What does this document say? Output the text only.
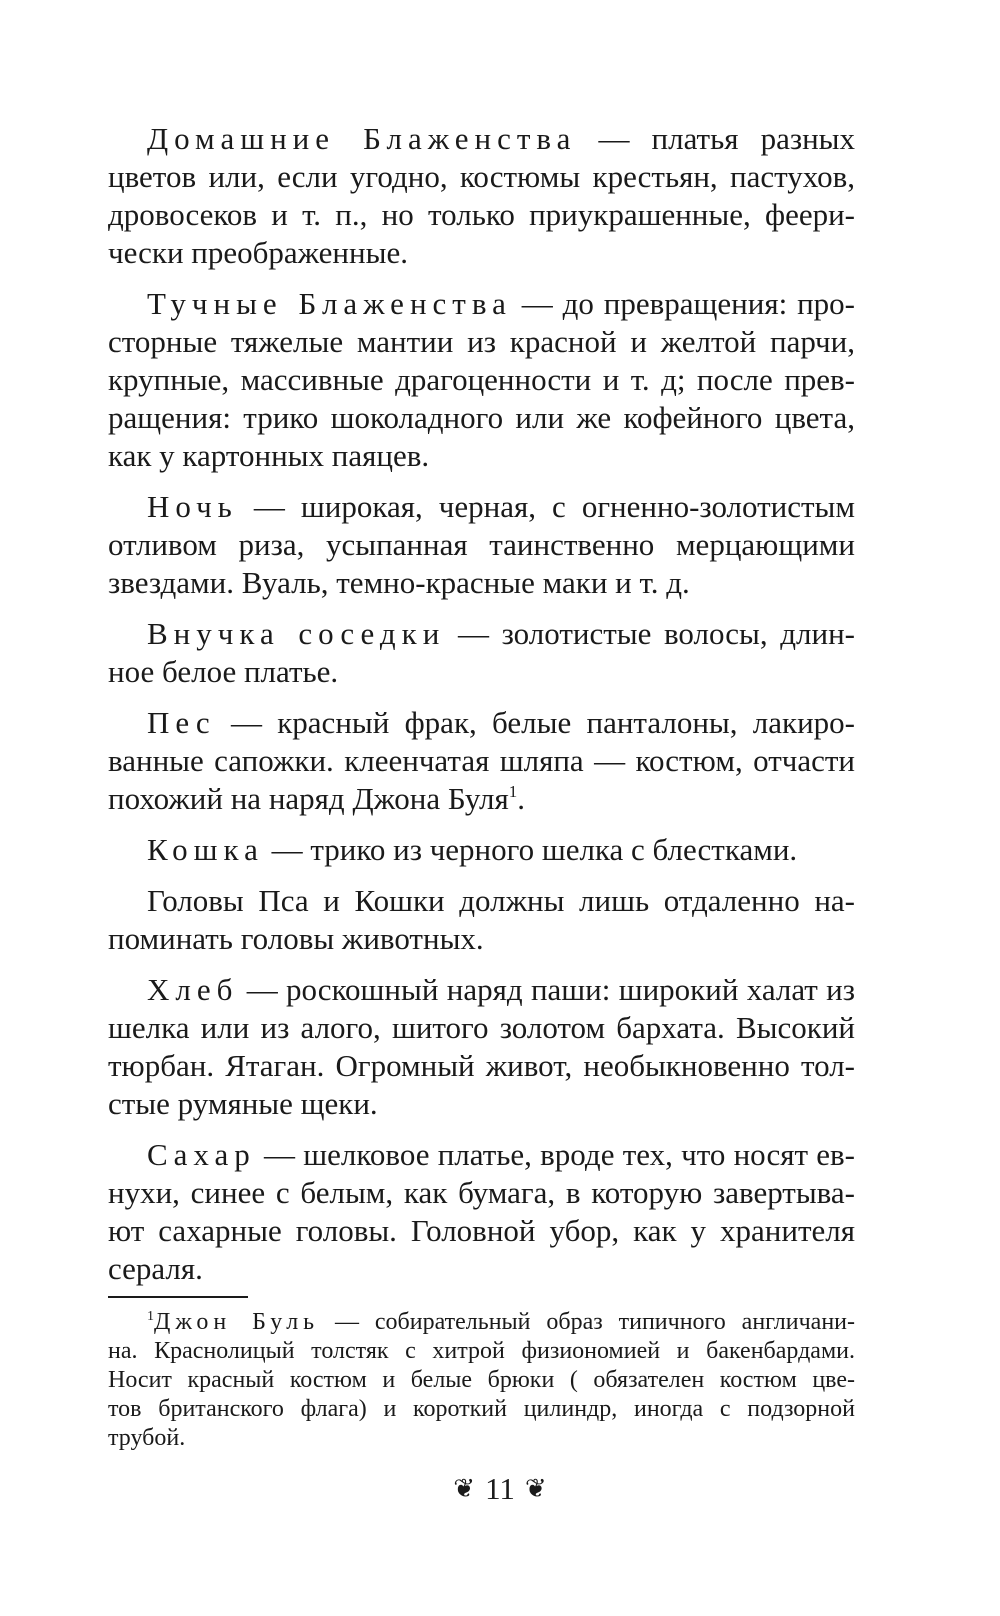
Домашние Блаженства — платья разных
цветов или, если угодно, костюмы крестьян, пастухов,
дровосеков и т. п., но только приукрашенные, феери-
чески преображенные.

Тучные Блаженства — до превращения: про-
сторные тяжелые мантии из красной и желтой парчи,
крупные, массивные драгоценности и т. д; после прев-
ращения: трико шоколадного или же кофейного цвета,
как у картонных паяцев.

Ночь — широкая, черная, с огненно-золотистым
отливом риза, усыпанная таинственно мерцающими
звездами. Вуаль, темно-красные маки и т. д.

Внучка соседки — золотистые волосы, длин-
ное белое платье.

Пес — красный фрак, белые панталоны, лакиро-
ванные сапожки. клеенчатая шляпа — костюм, отчасти
похожий на наряд Джона Буля$^1$.

Кошка — трико из черного шелка с блестками.

Головы Пса и Кошки должны лишь отдаленно на-
поминать головы животных.

Хлеб — роскошный наряд паши: широкий халат из
шелка или из алого, шитого золотом бархата. Высокий
тюрбан. Ятаган. Огромный живот, необыкновенно тол-
стые румяные щеки.

Сахар — шелковое платье, вроде тех, что носят ев-
нухи, синее с белым, как бумага, в которую завертыва-
ют сахарные головы. Головной убор, как у хранителя
сераля.

$^1$Джон Буль — собирательный образ типичного англичани-
на. Краснолицый толстяк с хитрой физиономией и бакенбардами.
Носит красный костюм и белые брюки ( обязателен костюм цве-
тов британского флага) и короткий цилиндр, иногда с подзорной
трубой.
❦ 11 ❦
